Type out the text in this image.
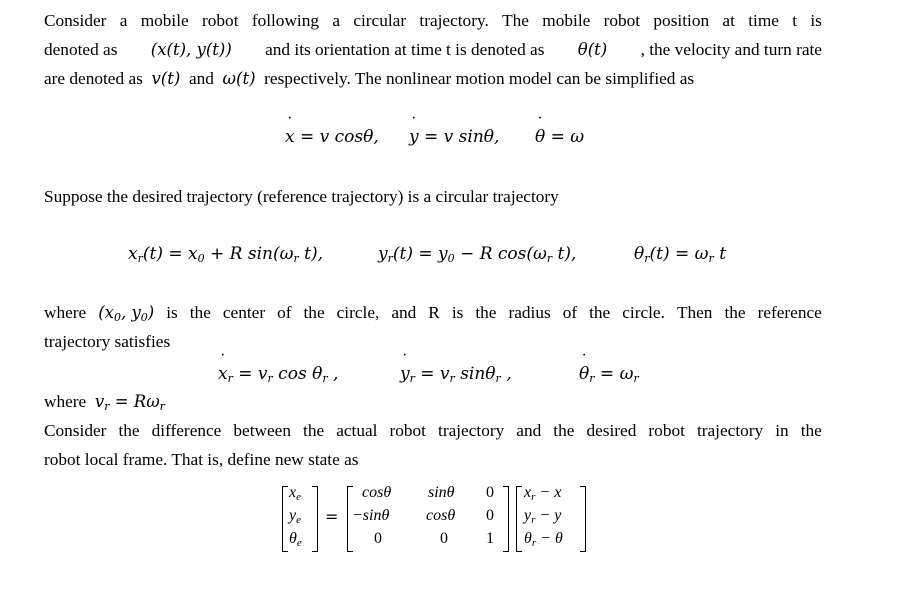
Consider a mobile robot following a circular trajectory. The mobile robot position at time t is
denoted as (x(t), y(t)) and its orientation at time t is denoted as θ(t) , the velocity and turn rate
are denoted as v(t) and ω(t) respectively. The nonlinear motion model can be simplified as
˙ x = v cosθ, ˙ y = v sinθ, ˙ θ = ω
Suppose the desired trajectory (reference trajectory) is a circular trajectory
$x_r(t) = x_0 + R$ $\sin(\omega_r$ t),	$y_r(t) = y_0 - R$ $\cos(\omega_r$ t),	$\theta_r(t) = \omega_r$ t
where ($x_0$, $y_0$) is the center of the circle, and R is the radius of the circle. Then the reference
trajectory satisfies
˙ $x_r = v_r$ $\cos \theta_r$ ,	˙ $y_r = v_r$ sinθ$_r$ ,	˙ $\theta_r = \omega_r$
where $v_r = R\omega_r$
Consider the difference between the actual robot trajectory and the desired robot trajectory in the
robot local frame. That is, define new state as
$x_e$
$y_e$
$\theta_e$
=
cosθ sinθ 0
−sinθ cosθ 0
0	0 1
$x_r - x$
$y_r - y$
$\theta_r - \theta$
